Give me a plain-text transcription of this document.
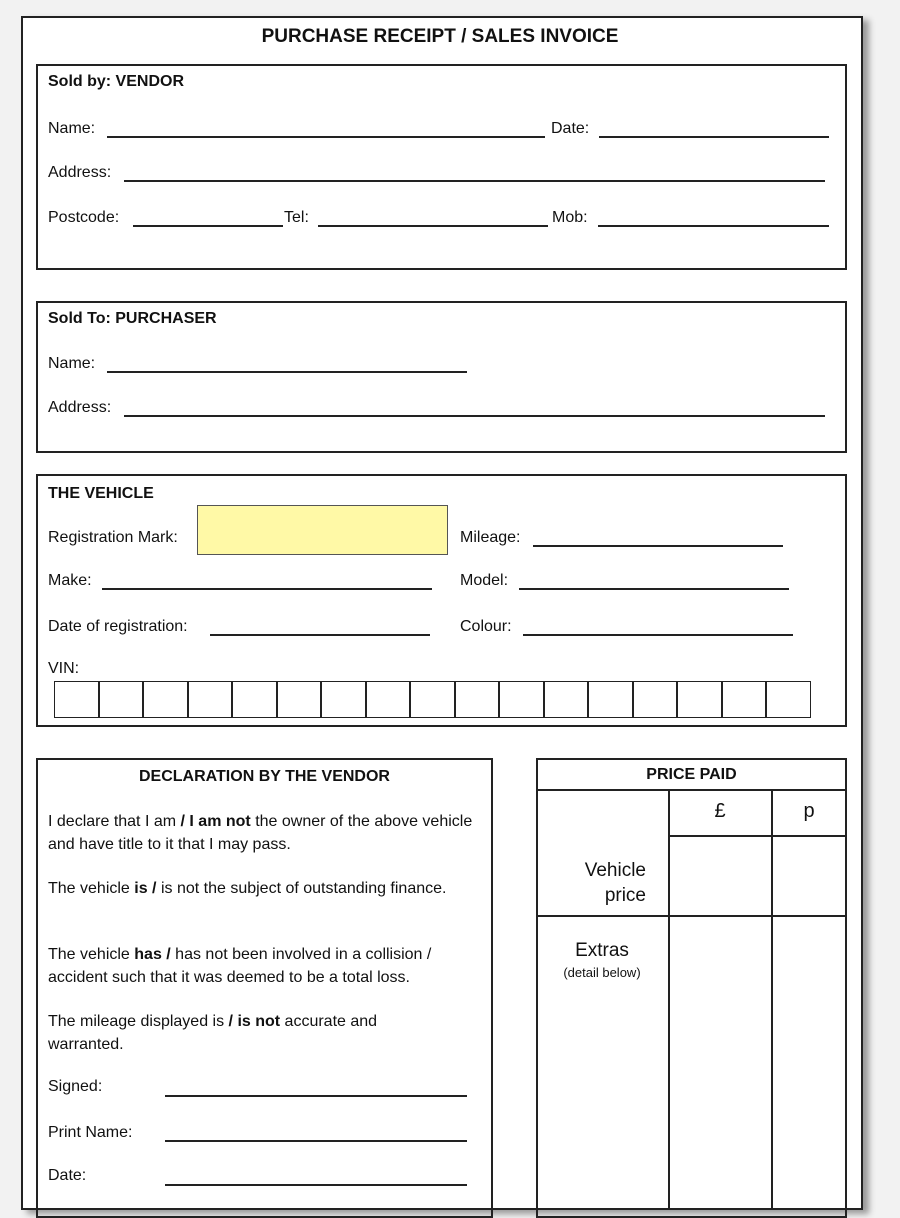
PURCHASE RECEIPT / SALES INVOICE
Sold by: VENDOR
Name:	Date:
Address:
Postcode:	Tel:	Mob:
Sold To: PURCHASER
Name:
Address:
THE VEHICLE
Registration Mark:	Mileage:
Make:	Model:
Date of registration:	Colour:
VIN:
DECLARATION BY THE VENDOR
I declare that I am / I am not the owner of the above vehicle and have title to it that I may pass.
The vehicle is / is not the subject of outstanding finance.
The vehicle has / has not been involved in a collision / accident such that it was deemed to be a total loss.
The mileage displayed is / is not accurate and warranted.
Signed:
Print Name:
Date:
PRICE PAID
£	p
Vehicle price
Extras
(detail below)
